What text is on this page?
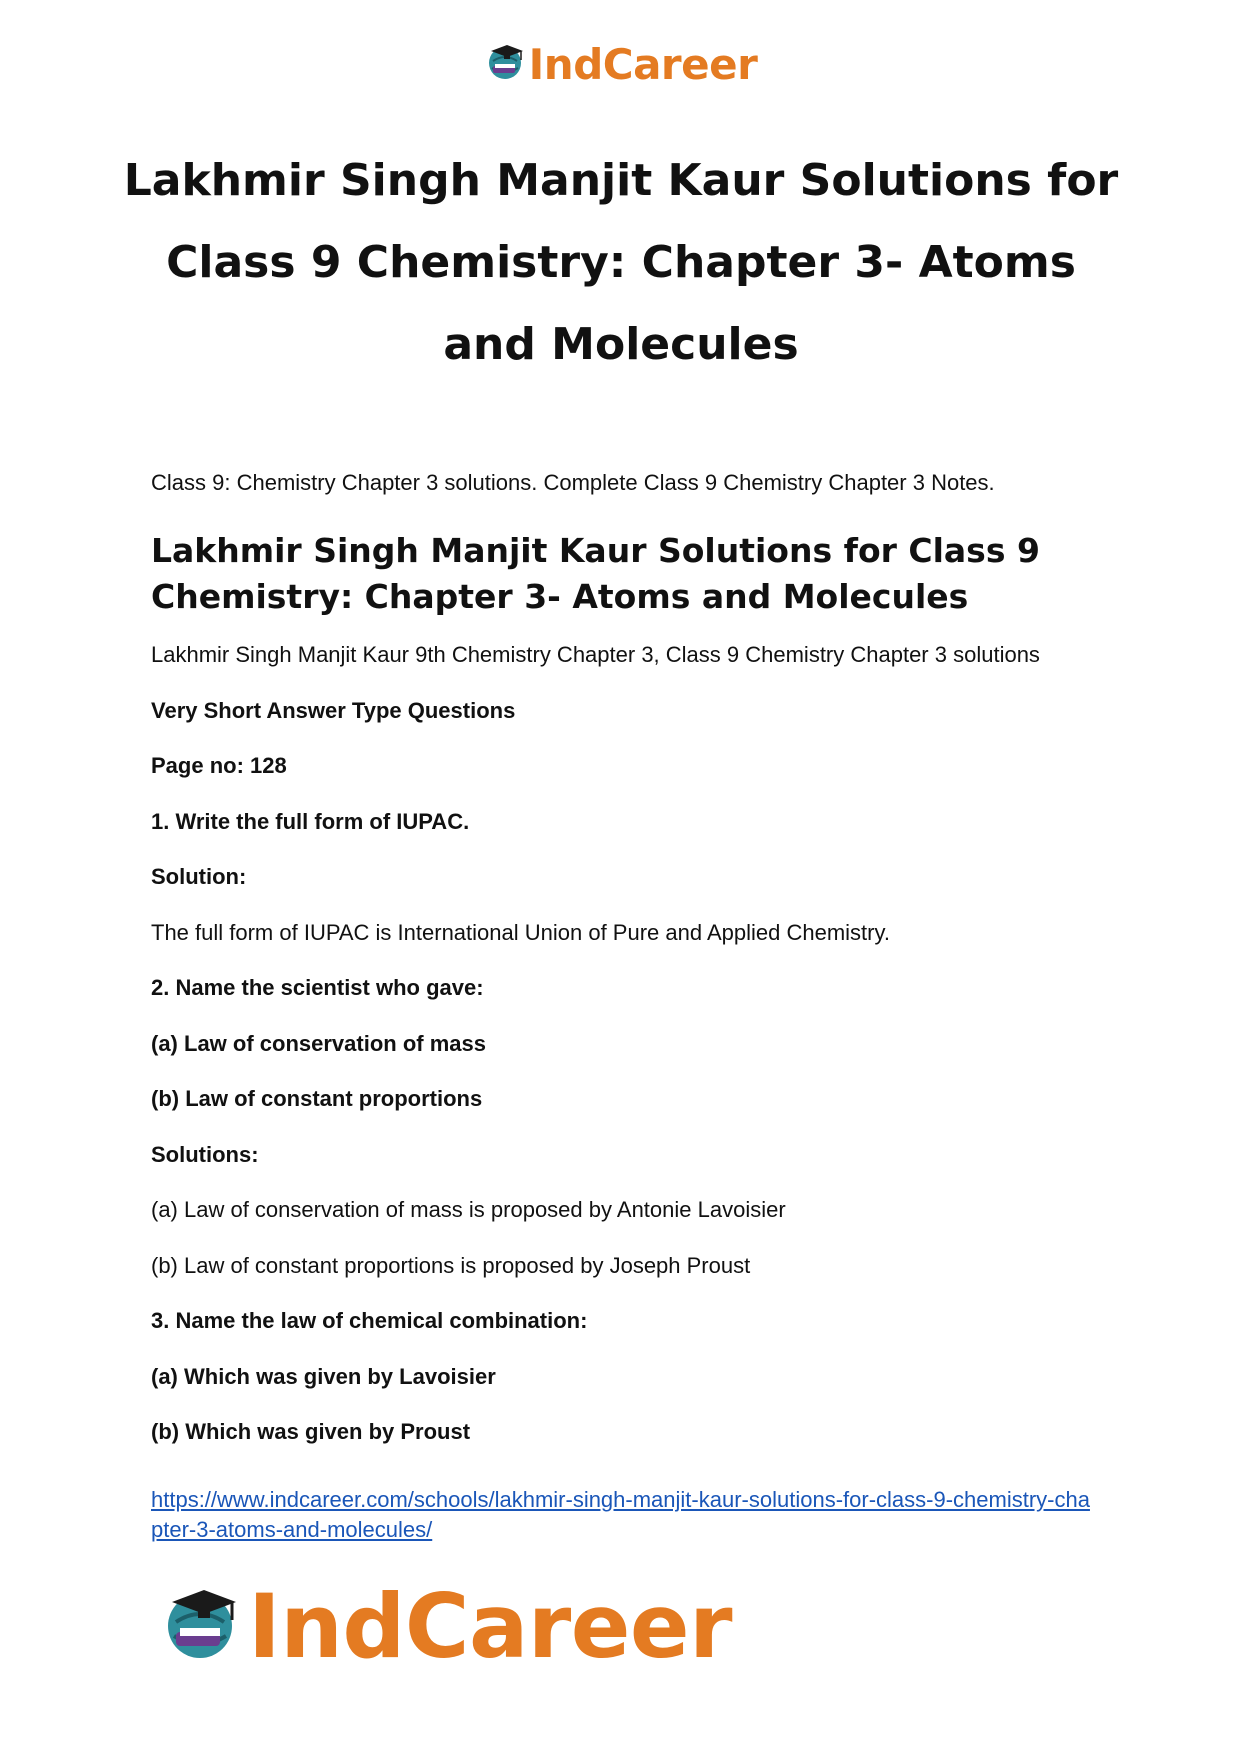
IndCareer
Lakhmir Singh Manjit Kaur Solutions for Class 9 Chemistry: Chapter 3- Atoms and Molecules

Class 9: Chemistry Chapter 3 solutions. Complete Class 9 Chemistry Chapter 3 Notes.

Lakhmir Singh Manjit Kaur Solutions for Class 9 Chemistry: Chapter 3- Atoms and Molecules

Lakhmir Singh Manjit Kaur 9th Chemistry Chapter 3, Class 9 Chemistry Chapter 3 solutions

Very Short Answer Type Questions

Page no: 128

1. Write the full form of IUPAC.

Solution:

The full form of IUPAC is International Union of Pure and Applied Chemistry.

2. Name the scientist who gave:

(a) Law of conservation of mass

(b) Law of constant proportions

Solutions:

(a) Law of conservation of mass is proposed by Antonie Lavoisier

(b) Law of constant proportions is proposed by Joseph Proust

3. Name the law of chemical combination:

(a) Which was given by Lavoisier

(b) Which was given by Proust

https://www.indcareer.com/schools/lakhmir-singh-manjit-kaur-solutions-for-class-9-chemistry-chapter-3-atoms-and-molecules/
IndCareer
